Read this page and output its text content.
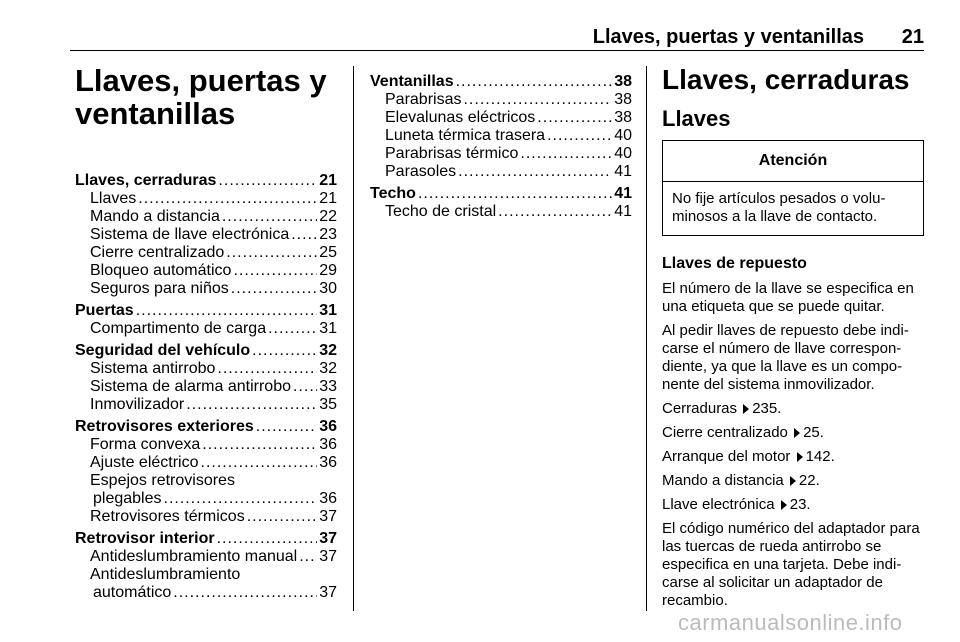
Llaves, puertas y ventanillas 21

Llaves, puertas y

ventanillas

Llaves, cerraduras .....	21
Llaves .....	21
Mando a distancia .....	22
Sistema de llave electrónica ..... 23
Cierre centralizado .....	25
Bloqueo automático .....	29
Seguros para niños .....	30
Puertas .....	31
Compartimento de carga .....	31
Seguridad del vehículo .....	32
Sistema antirrobo .....	32
Sistema de alarma antirrobo ..... 33
Inmovilizador .....	35
Retrovisores exteriores .....	36
Forma convexa .....	36
Ajuste eléctrico .....	36
Espejos retrovisores
plegables .....	36
Retrovisores térmicos .....	37
Retrovisor interior .....	37
Antideslumbramiento manual ..... 37
Antideslumbramiento
automático .....	37
Ventanillas .....	38
Parabrisas .....	38
Elevalunas eléctricos .....	38
Luneta térmica trasera .....	40
Parabrisas térmico .....	40
Parasoles .....	41
Techo .....	41
Techo de cristal .....	41
Llaves, cerraduras
Llaves
Atención
No fije artículos pesados o volu- minosos a la llave de contacto.
Llaves de repuesto
El número de la llave se especifica en una etiqueta que se puede quitar.
Al pedir llaves de repuesto debe indi- carse el número de llave correspon- diente, ya que la llave es un compo- nente del sistema inmovilizador.
Cerraduras 235.
Cierre centralizado 25.
Arranque del motor 142.
Mando a distancia 22.
Llave electrónica 23.
El código numérico del adaptador para las tuercas de rueda antirrobo se especifica en una tarjeta. Debe indi- carse al solicitar un adaptador de recambio.
carmanualsonline.info
